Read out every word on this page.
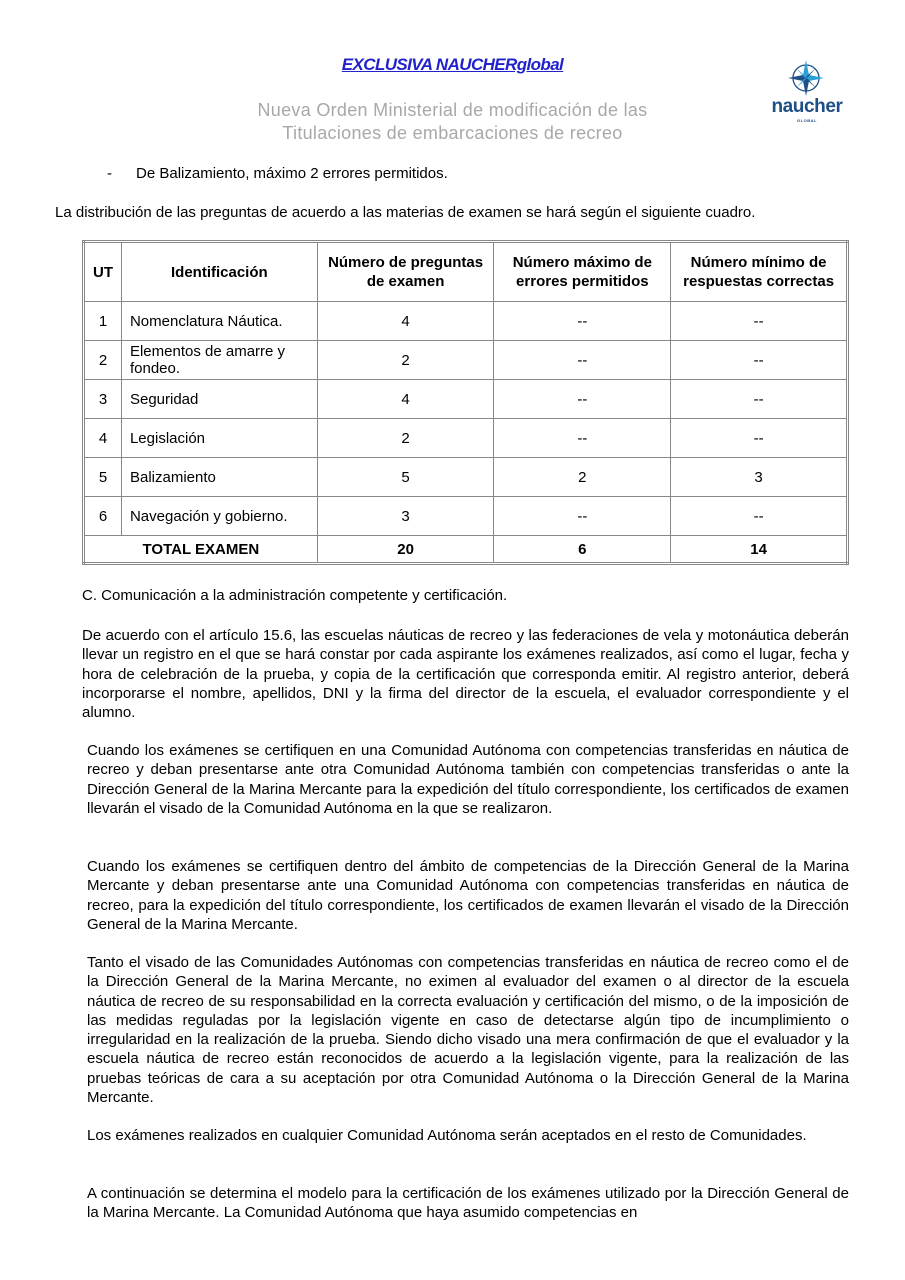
EXCLUSIVA NAUCHERglobal
Nueva Orden Ministerial de modificación de las
Titulaciones de embarcaciones de recreo
naucher
GLOBAL
- De Balizamiento, máximo 2 errores permitidos.
La distribución de las preguntas de acuerdo a las materias de examen se hará según el siguiente cuadro.
UT	Identificación	Número de preguntas de examen	Número máximo de errores permitidos	Número mínimo de respuestas correctas
1	Nomenclatura Náutica.	4	--	--
2	Elementos de amarre y fondeo.	2	--	--
3	Seguridad	4	--	--
4	Legislación	2	--	--
5	Balizamiento	5	2	3
6	Navegación y gobierno.	3	--	--
TOTAL EXAMEN		20	6	14
C. Comunicación a la administración competente y certificación.
De acuerdo con el artículo 15.6, las escuelas náuticas de recreo y las federaciones de vela y motonáutica deberán llevar un registro en el que se hará constar por cada aspirante los exámenes realizados, así como el lugar, fecha y hora de celebración de la prueba, y copia de la certificación que corresponda emitir. Al registro anterior, deberá incorporarse el nombre, apellidos, DNI y la firma del director de la escuela, el evaluador correspondiente y el alumno.
Cuando los exámenes se certifiquen en una Comunidad Autónoma con competencias transferidas en náutica de recreo y deban presentarse ante otra Comunidad Autónoma también con competencias transferidas o ante la Dirección General de la Marina Mercante para la expedición del título correspondiente, los certificados de examen llevarán el visado de la Comunidad Autónoma en la que se realizaron.
Cuando los exámenes se certifiquen dentro del ámbito de competencias de la Dirección General de la Marina Mercante y deban presentarse ante una Comunidad Autónoma con competencias transferidas en náutica de recreo, para la expedición del título correspondiente, los certificados de examen llevarán el visado de la Dirección General de la Marina Mercante.
Tanto el visado de las Comunidades Autónomas con competencias transferidas en náutica de recreo como el de la Dirección General de la Marina Mercante, no eximen al evaluador del examen o al director de la escuela náutica de recreo de su responsabilidad en la correcta evaluación y certificación del mismo, o de la imposición de las medidas reguladas por la legislación vigente en caso de detectarse algún tipo de incumplimiento o irregularidad en la realización de la prueba. Siendo dicho visado una mera confirmación de que el evaluador y la escuela náutica de recreo están reconocidos de acuerdo a la legislación vigente, para la realización de las pruebas teóricas de cara a su aceptación por otra Comunidad Autónoma o la Dirección General de la Marina Mercante.
Los exámenes realizados en cualquier Comunidad Autónoma serán aceptados en el resto de Comunidades.
A continuación se determina el modelo para la certificación de los exámenes utilizado por la Dirección General de la Marina Mercante. La Comunidad Autónoma que haya asumido competencias en
